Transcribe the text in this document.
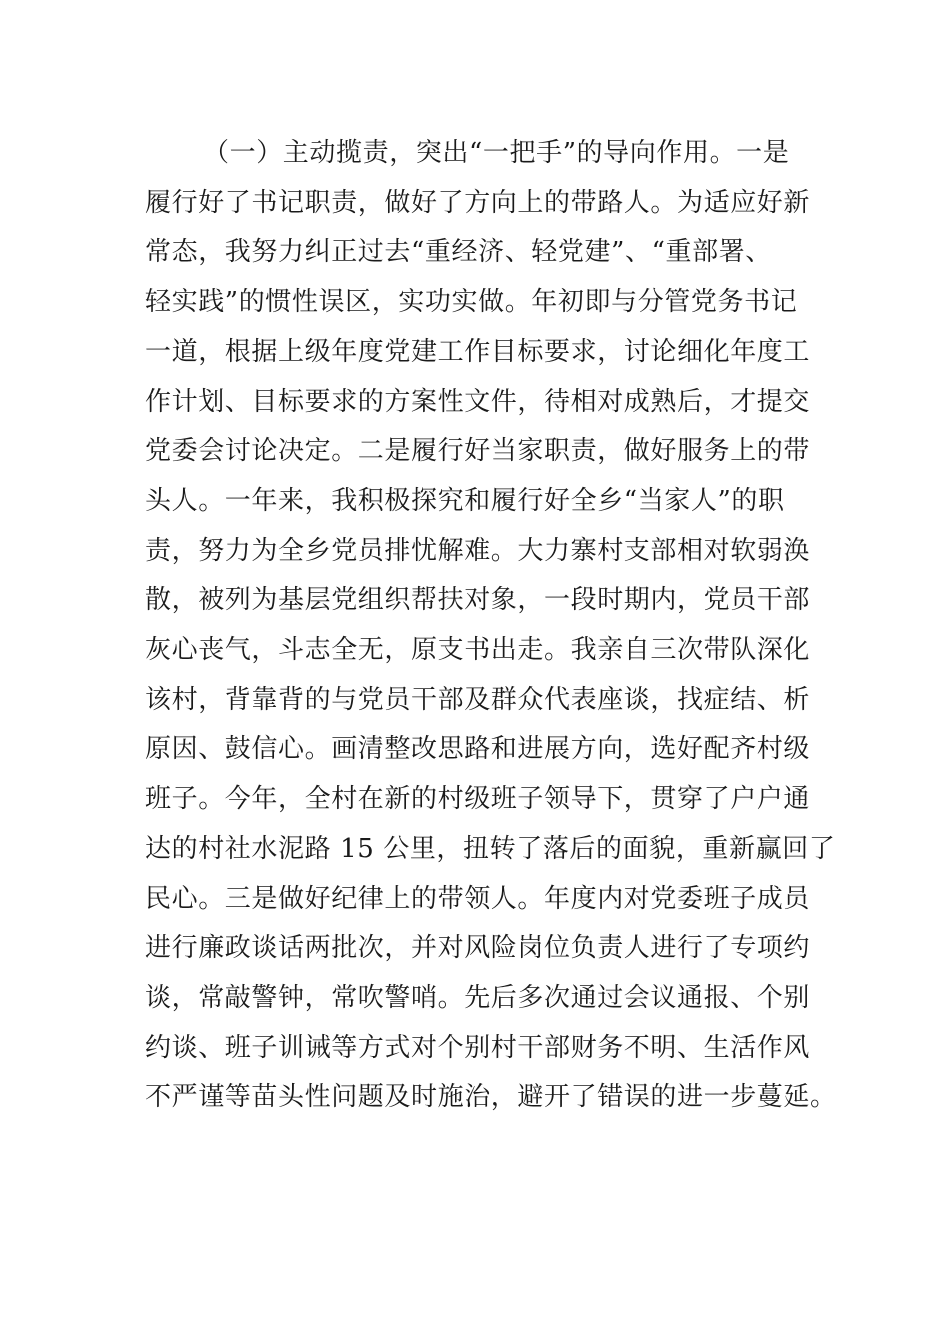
（一）主动揽责，突出“一把手”的导向作用。一是
履行好了书记职责，做好了方向上的带路人。为适应好新
常态，我努力纠正过去“重经济、轻党建”、“重部署、
轻实践”的惯性误区，实功实做。年初即与分管党务书记
一道，根据上级年度党建工作目标要求，讨论细化年度工
作计划、目标要求的方案性文件，待相对成熟后，才提交
党委会讨论决定。二是履行好当家职责，做好服务上的带
头人。一年来，我积极探究和履行好全乡“当家人”的职
责，努力为全乡党员排忧解难。大力寨村支部相对软弱涣
散，被列为基层党组织帮扶对象，一段时期内，党员干部
灰心丧气，斗志全无，原支书出走。我亲自三次带队深化
该村，背靠背的与党员干部及群众代表座谈，找症结、析
原因、鼓信心。画清整改思路和进展方向，选好配齐村级
班子。今年，全村在新的村级班子领导下，贯穿了户户通
达的村社水泥路 15 公里，扭转了落后的面貌，重新赢回了
民心。三是做好纪律上的带领人。年度内对党委班子成员
进行廉政谈话两批次，并对风险岗位负责人进行了专项约
谈，常敲警钟，常吹警哨。先后多次通过会议通报、个别
约谈、班子训诫等方式对个别村干部财务不明、生活作风
不严谨等苗头性问题及时施治，避开了错误的进一步蔓延。
